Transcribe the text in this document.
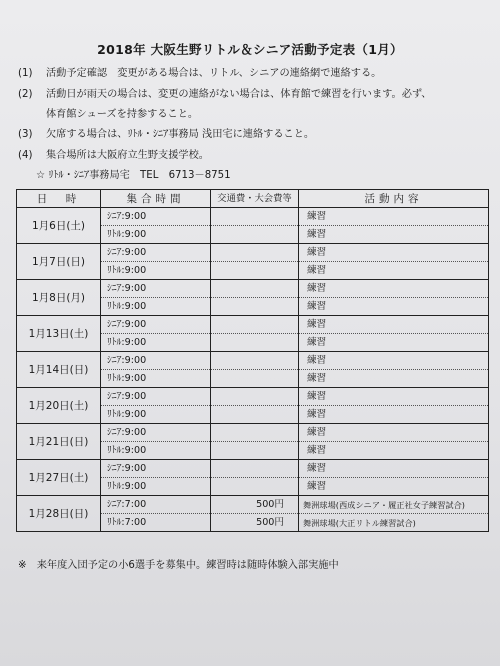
2018年 大阪生野リトル＆シニア活動予定表（1月）
(1) 活動予定確認　変更がある場合は、リトル、シニアの連絡網で連絡する。
(2) 活動日が雨天の場合は、変更の連絡がない場合は、体育館で練習を行います。必ず、
体育館シューズを持参すること。
(3) 欠席する場合は、ﾘﾄﾙ・ｼﾆｱ事務局 浅田宅に連絡すること。
(4) 集合場所は大阪府立生野支援学校。
☆ ﾘﾄﾙ・ｼﾆｱ事務局宅　TEL　6713－8751
日　時	集合時間	交通費・大会費等	活動内容
1月6日(土)	ｼﾆｱ:9:00		練習
	ﾘﾄﾙ:9:00		練習
1月7日(日)	ｼﾆｱ:9:00		練習
	ﾘﾄﾙ:9:00		練習
1月8日(月)	ｼﾆｱ:9:00		練習
	ﾘﾄﾙ:9:00		練習
1月13日(土)	ｼﾆｱ:9:00		練習
	ﾘﾄﾙ:9:00		練習
1月14日(日)	ｼﾆｱ:9:00		練習
	ﾘﾄﾙ:9:00		練習
1月20日(土)	ｼﾆｱ:9:00		練習
	ﾘﾄﾙ:9:00		練習
1月21日(日)	ｼﾆｱ:9:00		練習
	ﾘﾄﾙ:9:00		練習
1月27日(土)	ｼﾆｱ:9:00		練習
	ﾘﾄﾙ:9:00		練習
1月28日(日)	ｼﾆｱ:7:00	500円	舞洲球場(西成シニア・履正社女子練習試合)
	ﾘﾄﾙ:7:00	500円	舞洲球場(大正リトル練習試合)
※　来年度入団予定の小6選手を募集中。練習時は随時体験入部実施中
